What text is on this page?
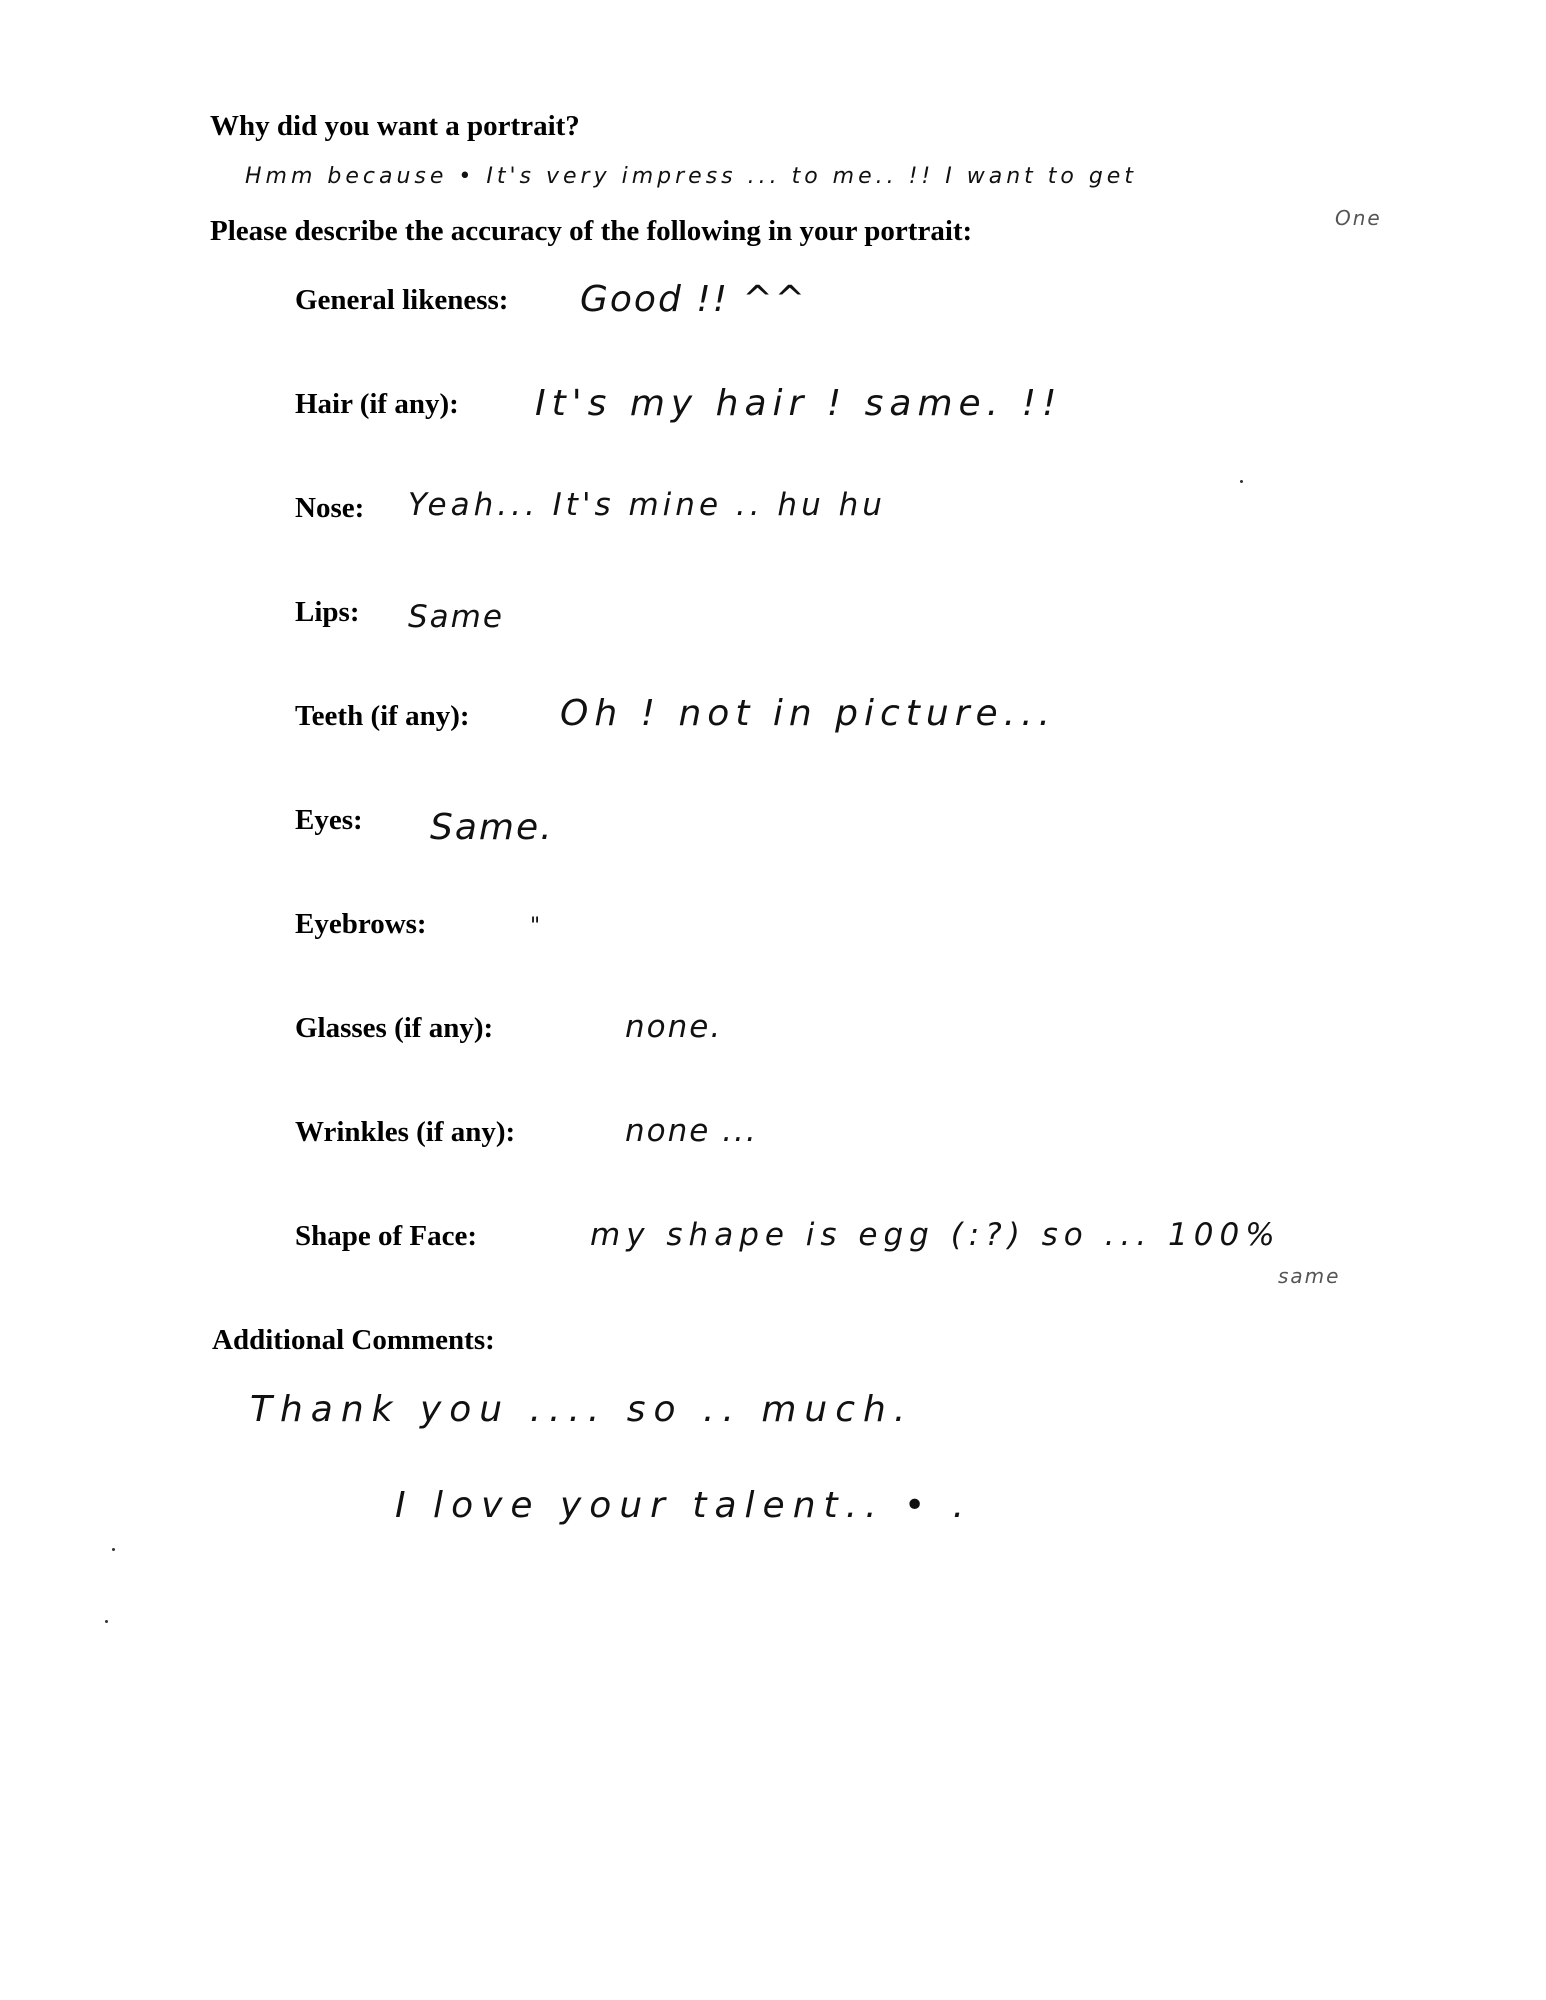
Why did you want a portrait?
Hmm because • It's very impress ... to me.. !! I want to get
One
Please describe the accuracy of the following in your portrait:
General likeness: Good !! ^^
Hair (if any): It's my hair ! same. !!
Nose: Yeah... It's mine .. hu hu
Lips: Same
Teeth (if any):	Oh ! not in picture...
Eyes: Same.
Eyebrows:	"
Glasses (if any):	none.
Wrinkles (if any):	none ...
Shape of Face:	my shape is egg (:?) so ... 100%
same
Additional Comments:
Thank you .... so .. much.
I love your talent.. • .
